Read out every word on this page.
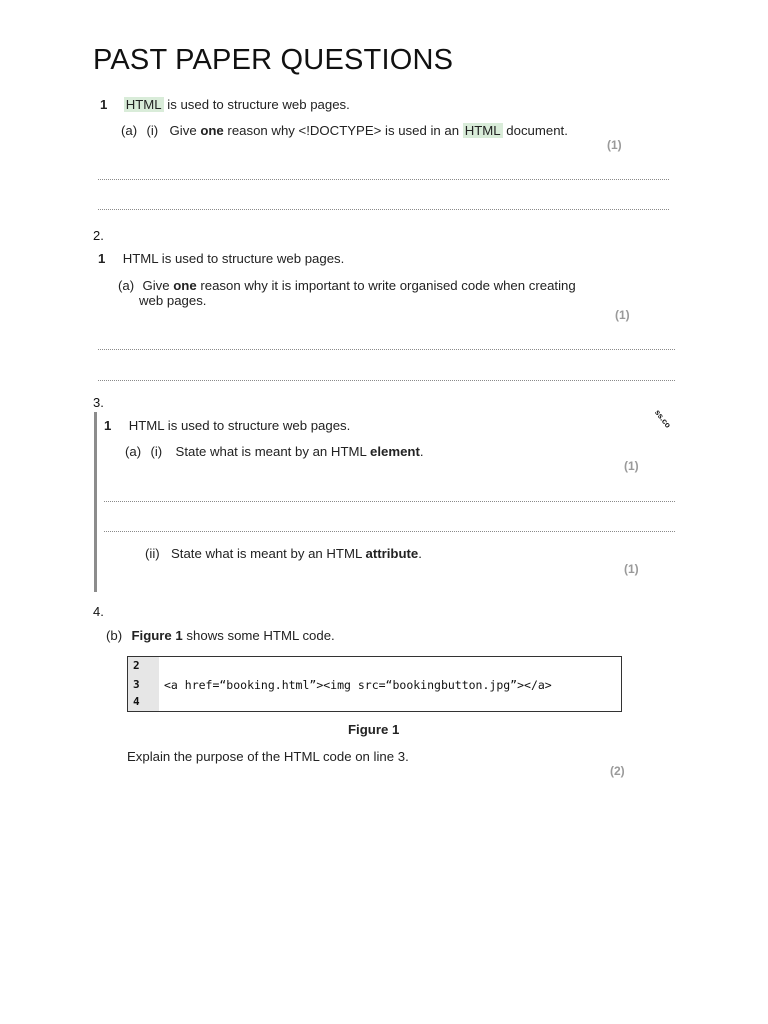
PAST PAPER QUESTIONS
1 HTML is used to structure web pages.
(a) (i) Give one reason why <!DOCTYPE> is used in an HTML document.
(1)
2.
1 HTML is used to structure web pages.
(a) Give one reason why it is important to write organised code when creating
web pages.
(1)
3.
ss.co
1 HTML is used to structure web pages.
(a) (i) State what is meant by an HTML element.
(1)
(ii) State what is meant by an HTML attribute.
(1)
4.
(b) Figure 1 shows some HTML code.
2
3
4
<a href=“booking.html”><img src=“bookingbutton.jpg”></a>
Figure 1
Explain the purpose of the HTML code on line 3.
(2)
